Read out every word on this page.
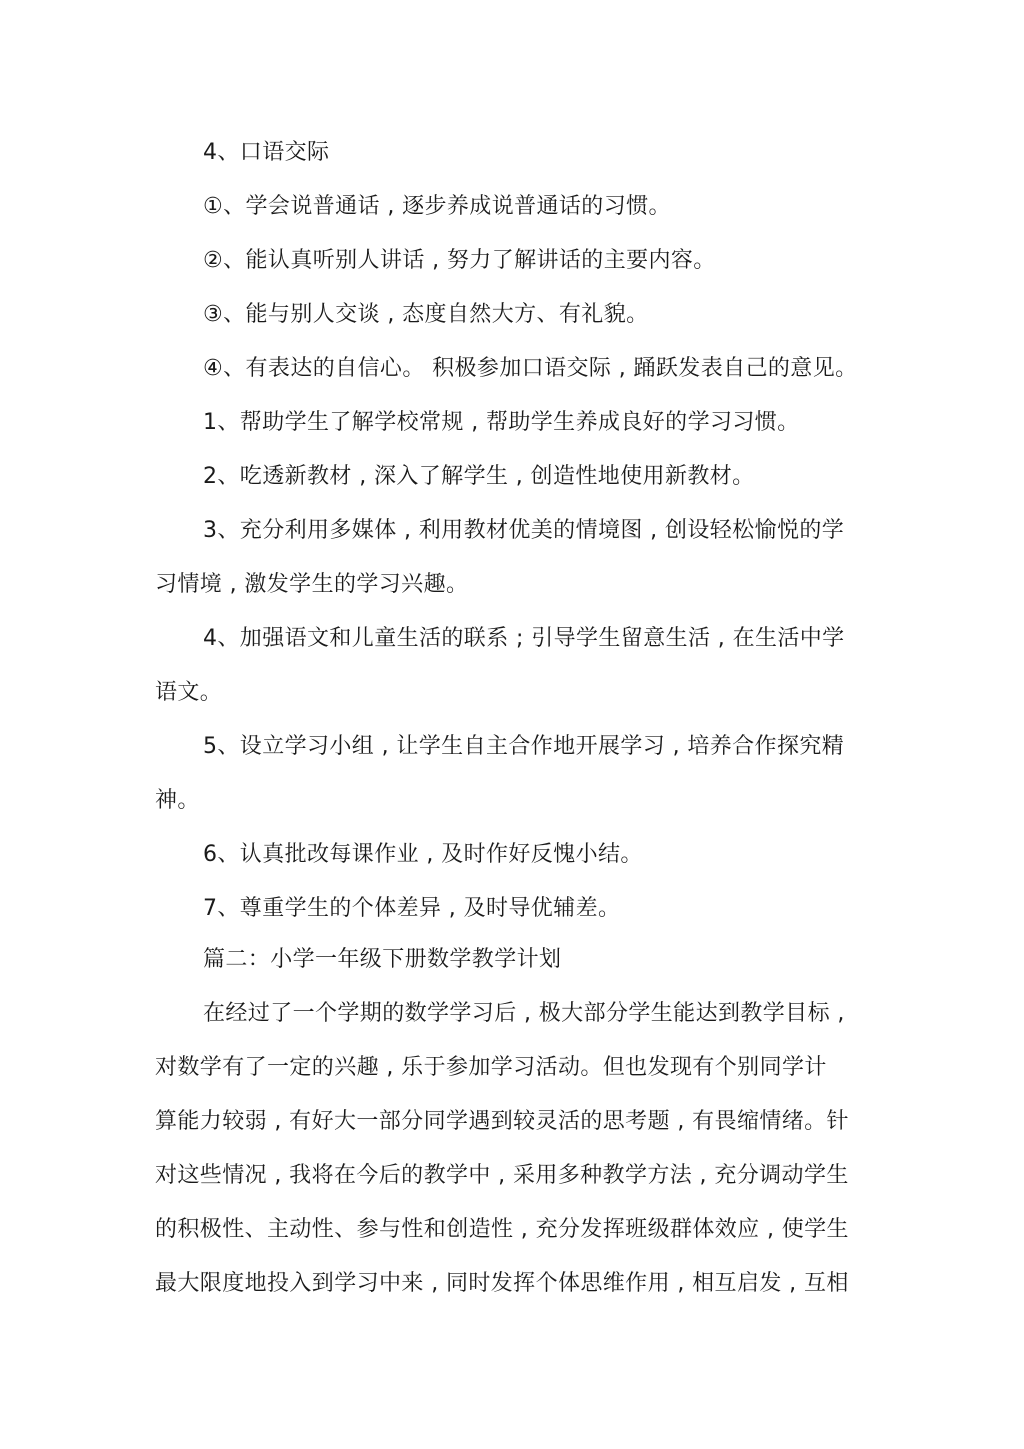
4、口语交际

①、学会说普通话 , 逐步养成说普通话的习惯。

②、能认真听别人讲话 , 努力了解讲话的主要内容。

③、能与别人交谈 , 态度自然大方、有礼貌。

④、有表达的自信心。 积极参加口语交际 , 踊跃发表自己的意见。

1、帮助学生了解学校常规 , 帮助学生养成良好的学习习惯。

2、吃透新教材 , 深入了解学生 , 创造性地使用新教材。

3、充分利用多媒体 , 利用教材优美的情境图 , 创设轻松愉悦的学

习情境 , 激发学生的学习兴趣。

4、加强语文和儿童生活的联系 ; 引导学生留意生活 , 在生活中学

语文。

5、设立学习小组 , 让学生自主合作地开展学习 , 培养合作探究精

神。

6、认真批改每课作业 , 及时作好反愧小结。

7、尊重学生的个体差异 , 及时导优辅差。

篇二：小学一年级下册数学教学计划

在经过了一个学期的数学学习后 , 极大部分学生能达到教学目标 ,

对数学有了一定的兴趣 , 乐于参加学习活动。但也发现有个别同学计

算能力较弱 , 有好大一部分同学遇到较灵活的思考题 , 有畏缩情绪。针

对这些情况 , 我将在今后的教学中 , 采用多种教学方法 , 充分调动学生

的积极性、主动性、参与性和创造性 , 充分发挥班级群体效应 , 使学生

最大限度地投入到学习中来 , 同时发挥个体思维作用 , 相互启发 , 互相
